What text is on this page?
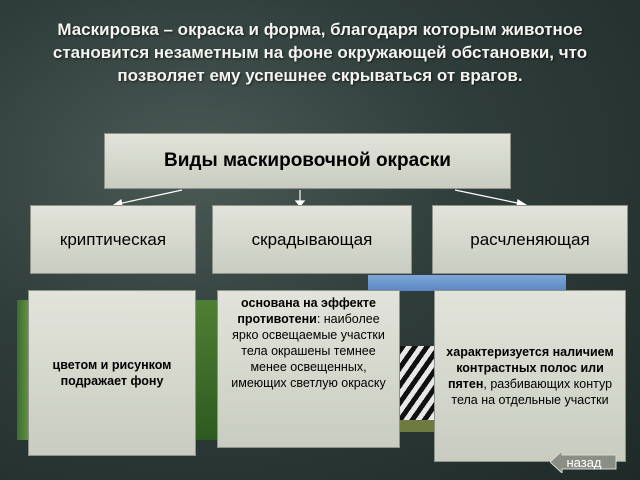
Маскировка – окраска и форма, благодаря которым животное становится незаметным на фоне окружающей обстановки, что позволяет ему успешнее скрываться от врагов.
Виды маскировочной окраски
криптическая	скрадывающая	расчленяющая
цветом и рисунком подражает фону
основана на эффекте противотени: наиболее ярко освещаемые участки тела окрашены темнее менее освещенных, имеющих светлую окраску
характеризуется наличием контрастных полос или пятен, разбивающих контур тела на отдельные участки
назад
